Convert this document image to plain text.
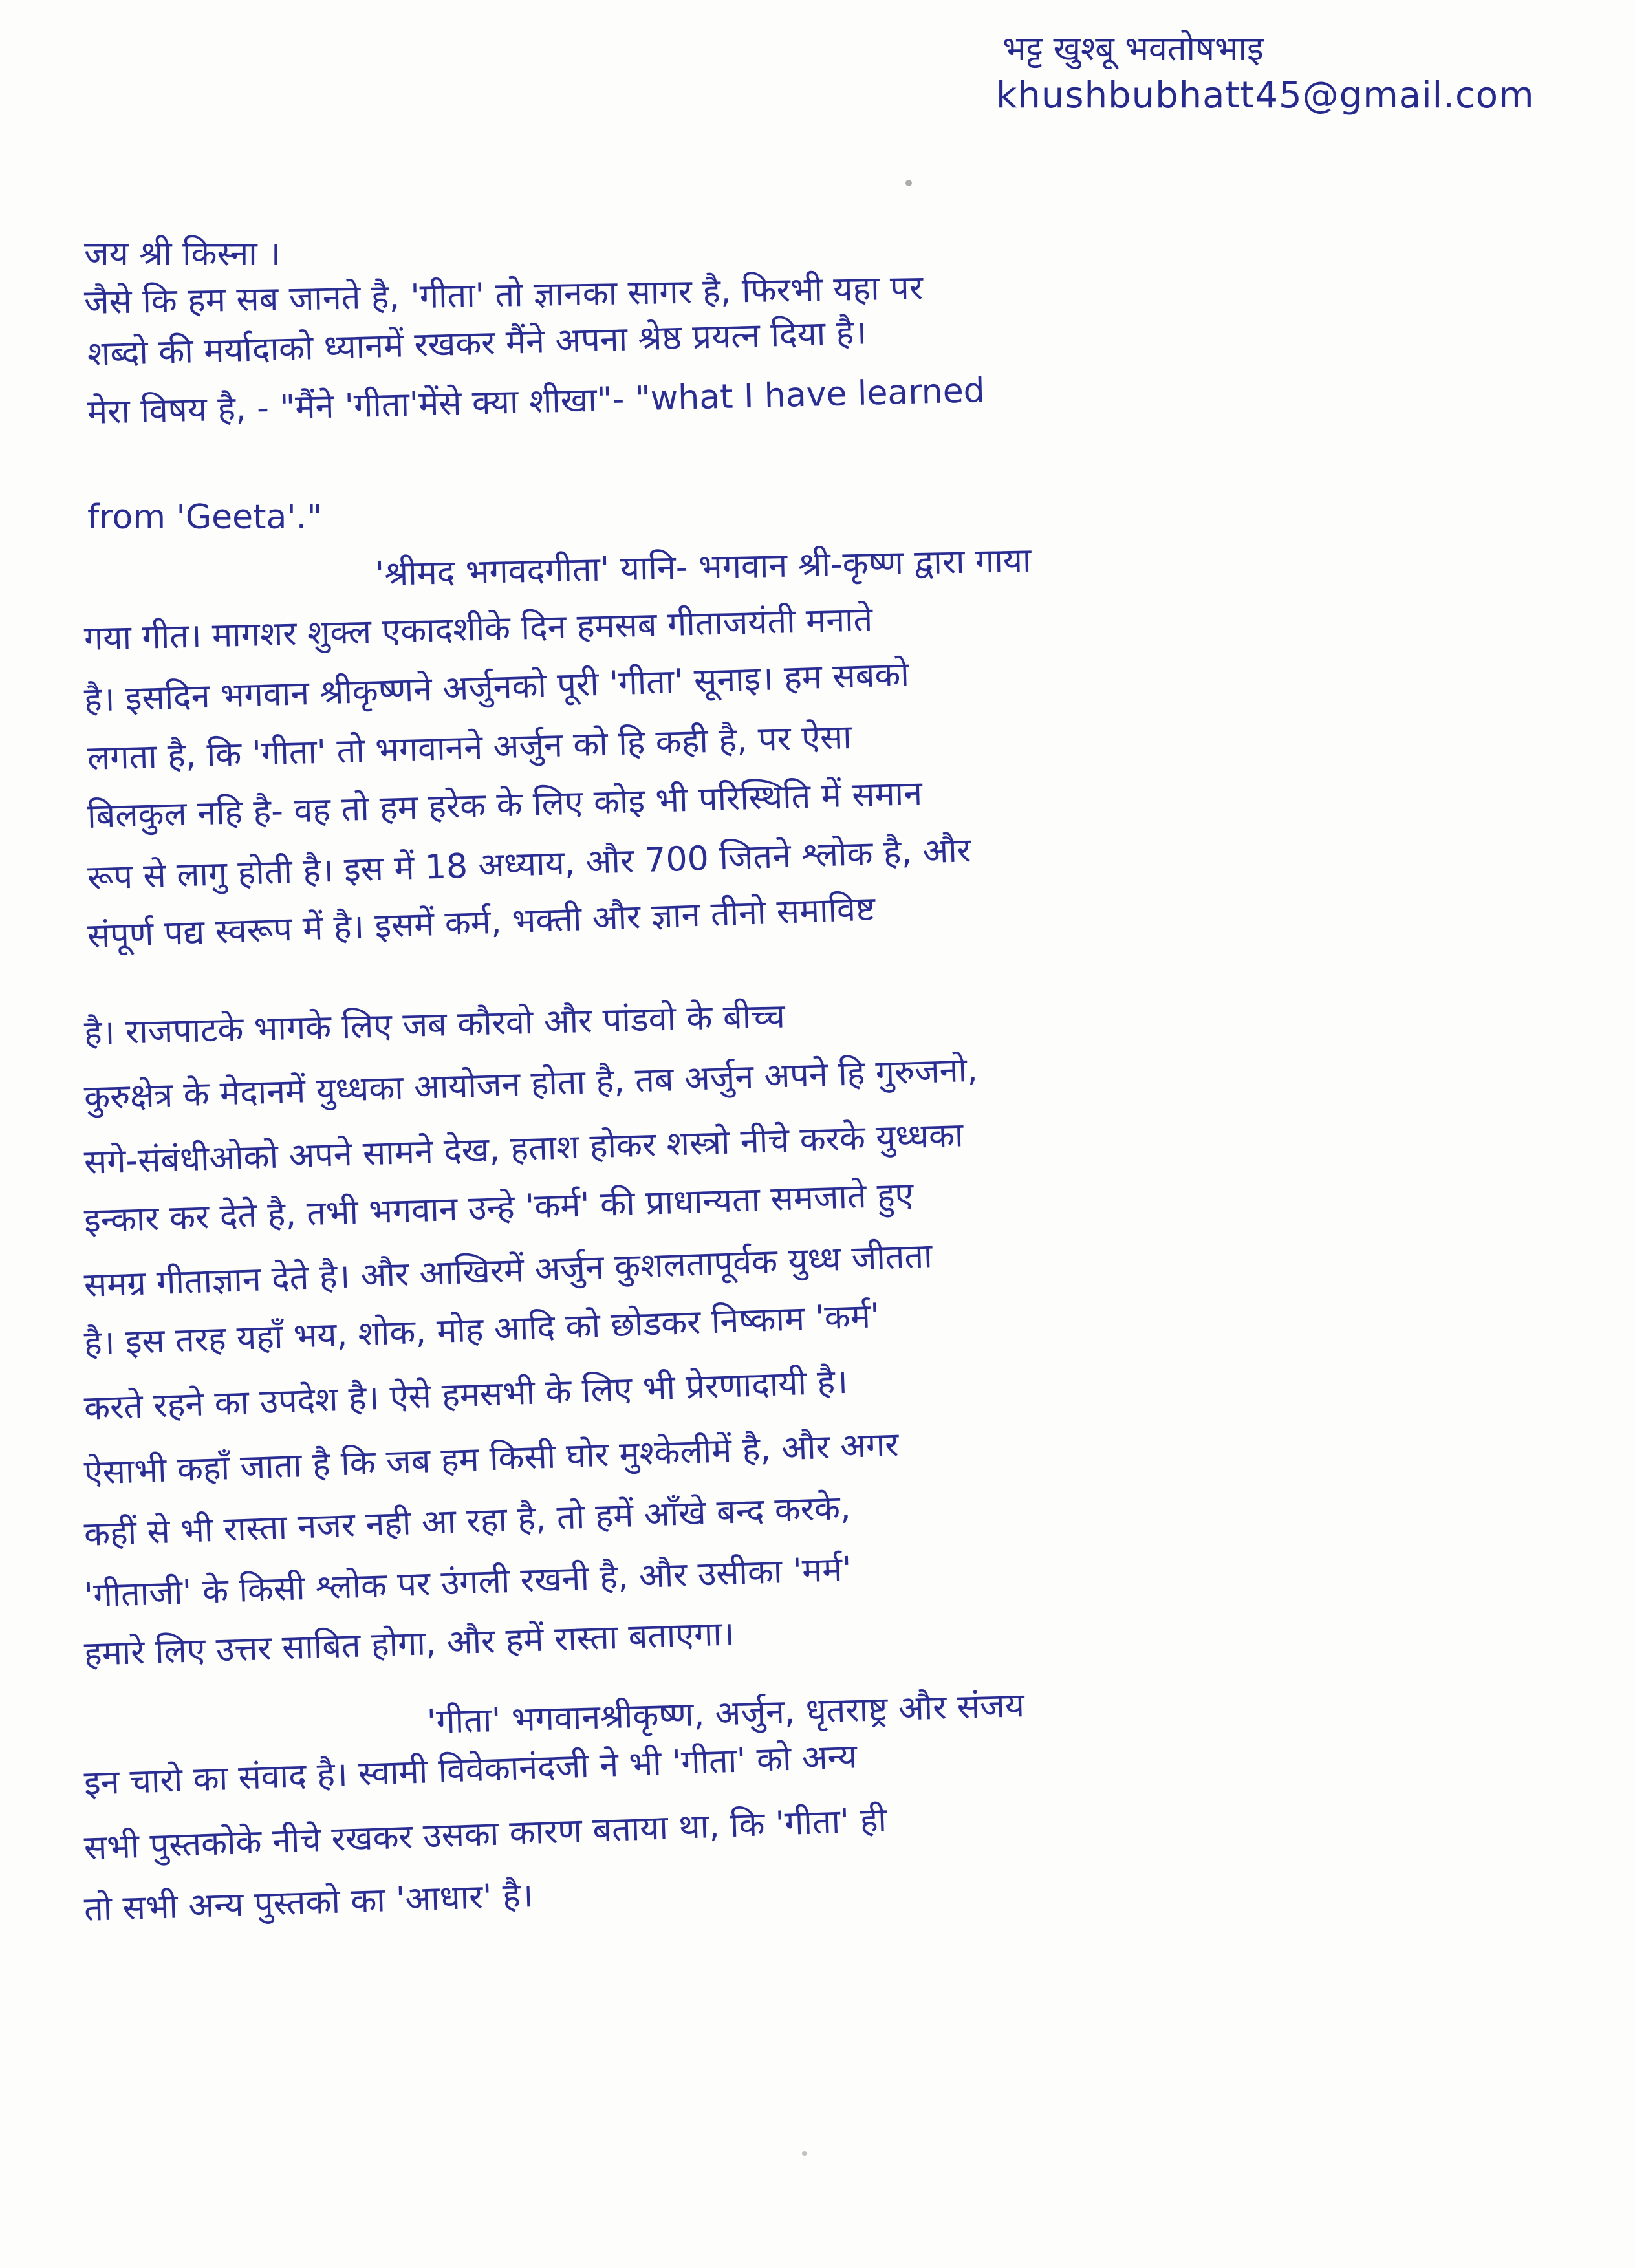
भट्ट खुश्बू भवतोषभाइ
khushbubhatt45@gmail.com
जय श्री किस्ना ।
जैसे कि हम सब जानते है, 'गीता' तो ज्ञानका सागर है, फिरभी यहा पर
शब्दो की मर्यादाको ध्यानमें रखकर मैंने अपना श्रेष्ठ प्रयत्न दिया है।
मेरा विषय है, - "मैंने 'गीता'मेंसे क्या शीखा"- "what I have learned
from 'Geeta'."
'श्रीमद भगवदगीता' यानि- भगवान श्री-कृष्ण द्वारा गाया
गया गीत। मागशर शुक्ल एकादशीके दिन हमसब गीताजयंती मनाते
है। इसदिन भगवान श्रीकृष्णने अर्जुनको पूरी 'गीता' सूनाइ। हम सबको
लगता है, कि 'गीता' तो भगवानने अर्जुन को हि कही है, पर ऐसा
बिलकुल नहि है- वह तो हम हरेक के लिए कोइ भी परिस्थिति में समान
रूप से लागु होती है। इस में 18 अध्याय, और 700 जितने श्लोक है, और
संपूर्ण पद्य स्वरूप में है। इसमें कर्म, भक्ती और ज्ञान तीनो समाविष्ट
है। राजपाटके भागके लिए जब कौरवो और पांडवो के बीच्च
कुरुक्षेत्र के मेदानमें युध्धका आयोजन होता है, तब अर्जुन अपने हि गुरुजनो,
सगे-संबंधीओको अपने सामने देख, हताश होकर शस्त्रो नीचे करके युध्धका
इन्कार कर देते है, तभी भगवान उन्हे 'कर्म' की प्राधान्यता समजाते हुए
समग्र गीताज्ञान देते है। और आखिरमें अर्जुन कुशलतापूर्वक युध्ध जीतता
है। इस तरह यहाँ भय, शोक, मोह आदि को छोडकर निष्काम 'कर्म'
करते रहने का उपदेश है। ऐसे हमसभी के लिए भी प्रेरणादायी है।
ऐसाभी कहाँ जाता है कि जब हम किसी घोर मुश्केलीमें है, और अगर
कहीं से भी रास्ता नजर नही आ रहा है, तो हमें आँखे बन्द करके,
'गीताजी' के किसी श्लोक पर उंगली रखनी है, और उसीका 'मर्म'
हमारे लिए उत्तर साबित होगा, और हमें रास्ता बताएगा।
'गीता' भगवानश्रीकृष्ण, अर्जुन, धृतराष्ट्र और संजय
इन चारो का संवाद है। स्वामी विवेकानंदजी ने भी 'गीता' को अन्य
सभी पुस्तकोके नीचे रखकर उसका कारण बताया था, कि 'गीता' ही
तो सभी अन्य पुस्तको का 'आधार' है।
